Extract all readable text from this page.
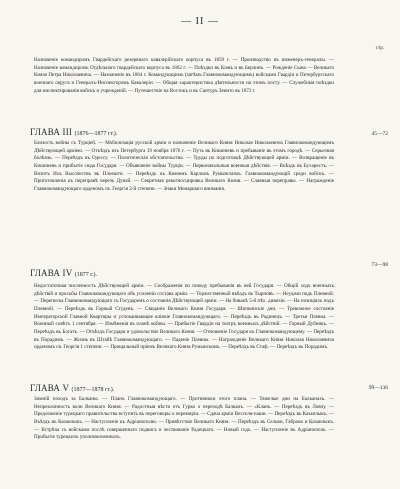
— II —
стр.

Назначеніе командиромъ Гвардейскаго резервнаго кавалерійскаго корпуса въ 1859 г. — Производство въ инженеръ-генералы. — Назначеніе командиромъ Отдѣльнаго гвардейскаго корпуса въ 1862 г. — Поѣздки въ Кіевъ и въ Берлинъ. — Рожденіе Сына — Великаго Князя Петра Николаевича. — Назначеніе въ 1864 г. Командующимъ (затѣмъ Главнокомандующимъ) войсками Гвардіи и Петербургскаго военнаго округа и Генералъ-Инспекторомъ Кавалеріи. — Общая характеристика дѣятельности на этомъ посту. — Служебныя поѣздки для инспектированія войскъ и учрежденій. — Путешествіе на Востокъ и въ Сантуръ Зенито въ 1872 г.

ГЛАВА III (1876—1877 гг.).	45—72

Близость войны съ Турціей. — Мобилизація русской арміи и назначеніе Великаго Князя Николая Николаевича Главнокомандующимъ Дѣйствующей арміею. — Отъѣздъ изъ Петербурга 19 ноября 1876 г. — Путь въ Кишиневъ и пребываніе въ этомъ городѣ. — Серьезная болѣзнь. — Переѣздъ въ Одессу. — Политическія обстоятельства. — Труды по подготовкѣ Дѣйствующей арміи. — Возвращеніе въ Кишиневъ и прибытіе сюда Государя. — Объявленіе войны Турціи. — Первоначальныя военныя дѣйствія. — Въѣздъ въ Бухарестъ. — Визитъ Ихъ Высочествъ въ Плоешти. — Переѣздъ къ Княземъ Карломъ Румынскимъ. Главнокомандующій среди войскъ. — Приготовленія къ переправѣ черезъ Дунай. — Секретная рекогносцировка Великаго Князя. — Славныя переправы. — Награжденіе Главнокомандующаго орденомъ св. Георгія 2-й степени. — Знаки Монаршаго вниманія.

ГЛАВА IV (1877 г.).
73—98

Недостаточная численность Дѣйствующей арміи. — Соображенія по поводу пребыванія въ ней Государя. — Общій ходъ военныхъ дѣйствій и просьбы Главнокомандующаго объ усиленіи состава арміи. — Торжественный въѣздъ въ Тырновъ. — Неудачи подъ Плевной. — Переписка Главнокомандующаго съ Государемъ о состоянія Дѣйствующей арміи. — На бивакѣ 5-й пѣх. дивизіи. — На позиціяхъ подъ Плевной. — Переѣздъ въ Горный Студенъ. — Свиданіе Великаго Князя Государя. — Шипкинскіе дни. — Тревожное состояніе Императорской Главной Квартиры и успокаивающее вліяніе Главнокомандующаго. — Переѣздъ въ Радинецъ. — Третья Плевна. — Военный совѣтъ 1 сентября. — Измѣненія въ планѣ войны. — Прибытіе Гвардіи на театръ военныхъ дѣйствій. — Горный Дубнякъ. — Переѣздъ въ Богатъ. — Отъѣздъ Государя и удовольствіе Великаго Князя. — Отношеніе Государя къ Главнокомандующему. — Переѣздъ въ Порадимъ. — Жизнь въ Штабѣ Главнокомандующаго. — Паденіе Плевны. — Награжденіе Великаго Князя Николая Николаевича орденомъ св. Георгія 1 степени. — Прощальный пріемъ Великаго Князя Румынскомъ. — Переѣздъ въ Стаф. — Переѣздъ въ Порадимъ.

ГЛАВА V (1877—1878 гг.).	99—136

Зимній походъ за Балканы. — Планъ Главнокомандующаго. — Противники этого плана. — Тяжелые дни на Балканахъ. — Непреклонность воли Великаго Князя. — Радостныя вѣсти отъ Гурко о переходѣ Балканъ. — «Кланъ. — Переѣздъ въ Ловчу. — Предложеніе турецкаго правительства вступить въ переговоры о перемиріи. — Сдача арміи Весселя-паши. — Переѣздъ въ Казанлыкъ. — Въѣздъ въ Казанлыкъ. — Наступленіе къ Адріанополю. — Привѣтствіе Великаго Князя. — Переѣздъ въ Сельви, Габрово и Казанлыкъ. — Встрѣча съ войсками послѣ совершеннаго подвига и чествованіе Радецкаго. — Новый годъ. — Наступленіе въ Адріанополь. — Прибытіе турецкихъ уполномоченныхъ.
